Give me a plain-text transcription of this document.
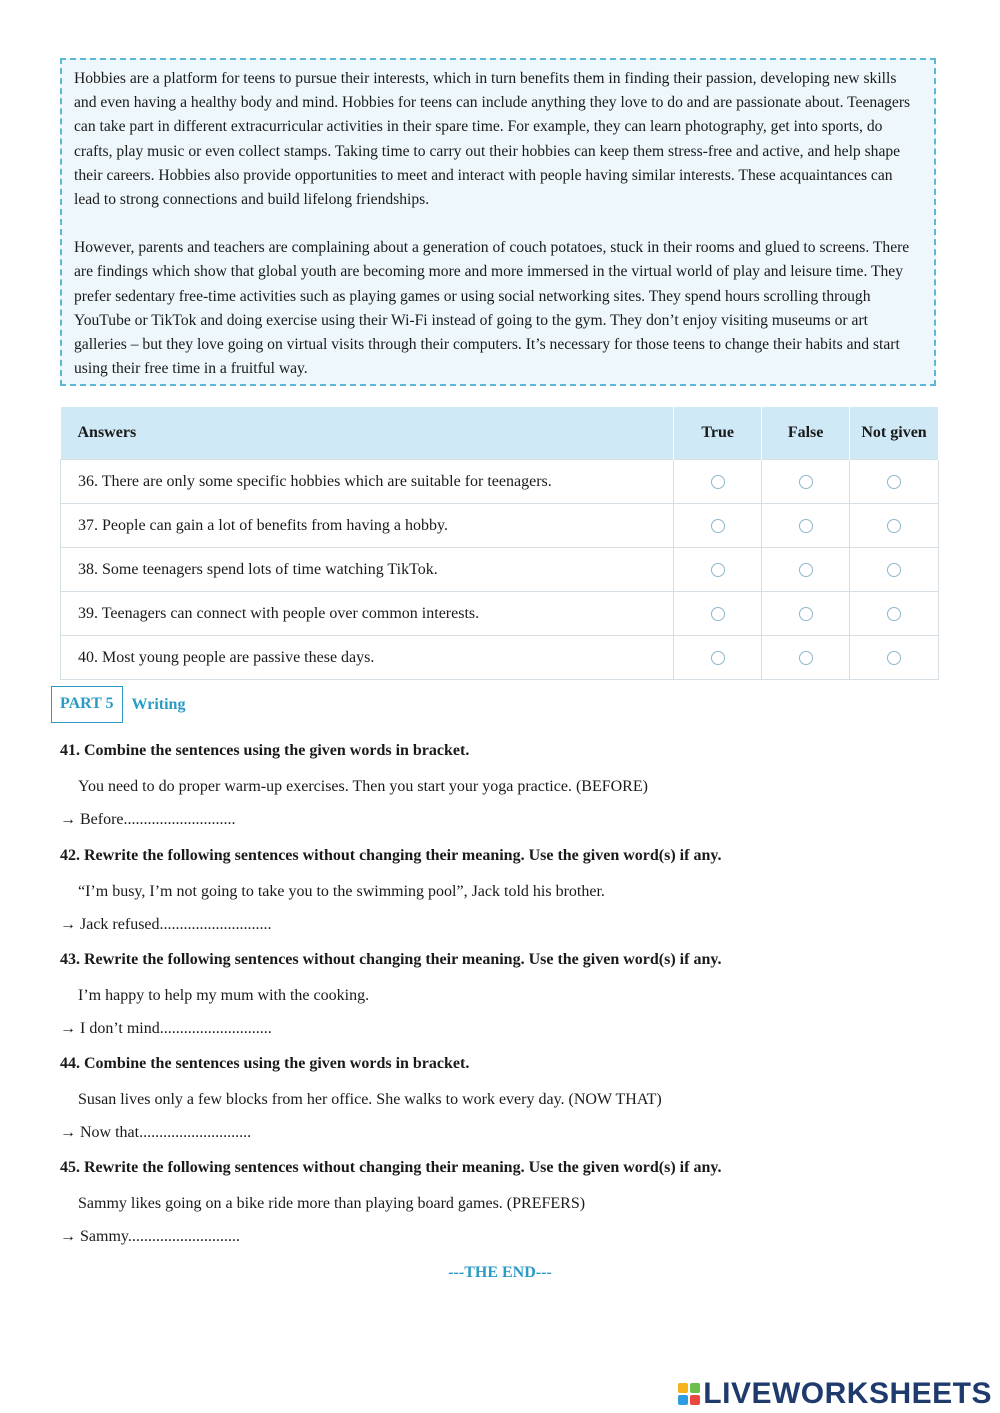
Hobbies are a platform for teens to pursue their interests, which in turn benefits them in finding their passion, developing new skills and even having a healthy body and mind. Hobbies for teens can include anything they love to do and are passionate about. Teenagers can take part in different extracurricular activities in their spare time. For example, they can learn photography, get into sports, do crafts, play music or even collect stamps. Taking time to carry out their hobbies can keep them stress-free and active, and help shape their careers. Hobbies also provide opportunities to meet and interact with people having similar interests. These acquaintances can lead to strong connections and build lifelong friendships.

However, parents and teachers are complaining about a generation of couch potatoes, stuck in their rooms and glued to screens. There are findings which show that global youth are becoming more and more immersed in the virtual world of play and leisure time. They prefer sedentary free-time activities such as playing games or using social networking sites. They spend hours scrolling through YouTube or TikTok and doing exercise using their Wi-Fi instead of going to the gym. They don’t enjoy visiting museums or art galleries – but they love going on virtual visits through their computers. It’s necessary for those teens to change their habits and start using their free time in a fruitful way.

Answers	True	False	Not given
36. There are only some specific hobbies which are suitable for teenagers.			
37. People can gain a lot of benefits from having a hobby.			
38. Some teenagers spend lots of time watching TikTok.			
39. Teenagers can connect with people over common interests.			
40. Most young people are passive these days.			
PART 5	Writing
41. Combine the sentences using the given words in bracket.
You need to do proper warm-up exercises. Then you start your yoga practice. (BEFORE)
→ Before............................
42. Rewrite the following sentences without changing their meaning. Use the given word(s) if any.
“I’m busy, I’m not going to take you to the swimming pool”, Jack told his brother.
→ Jack refused............................
43. Rewrite the following sentences without changing their meaning. Use the given word(s) if any.
I’m happy to help my mum with the cooking.
→ I don’t mind............................
44. Combine the sentences using the given words in bracket.
Susan lives only a few blocks from her office. She walks to work every day. (NOW THAT)
→ Now that............................
45. Rewrite the following sentences without changing their meaning. Use the given word(s) if any.
Sammy likes going on a bike ride more than playing board games. (PREFERS)
→ Sammy............................
---THE END---
LIVEWORKSHEETS
